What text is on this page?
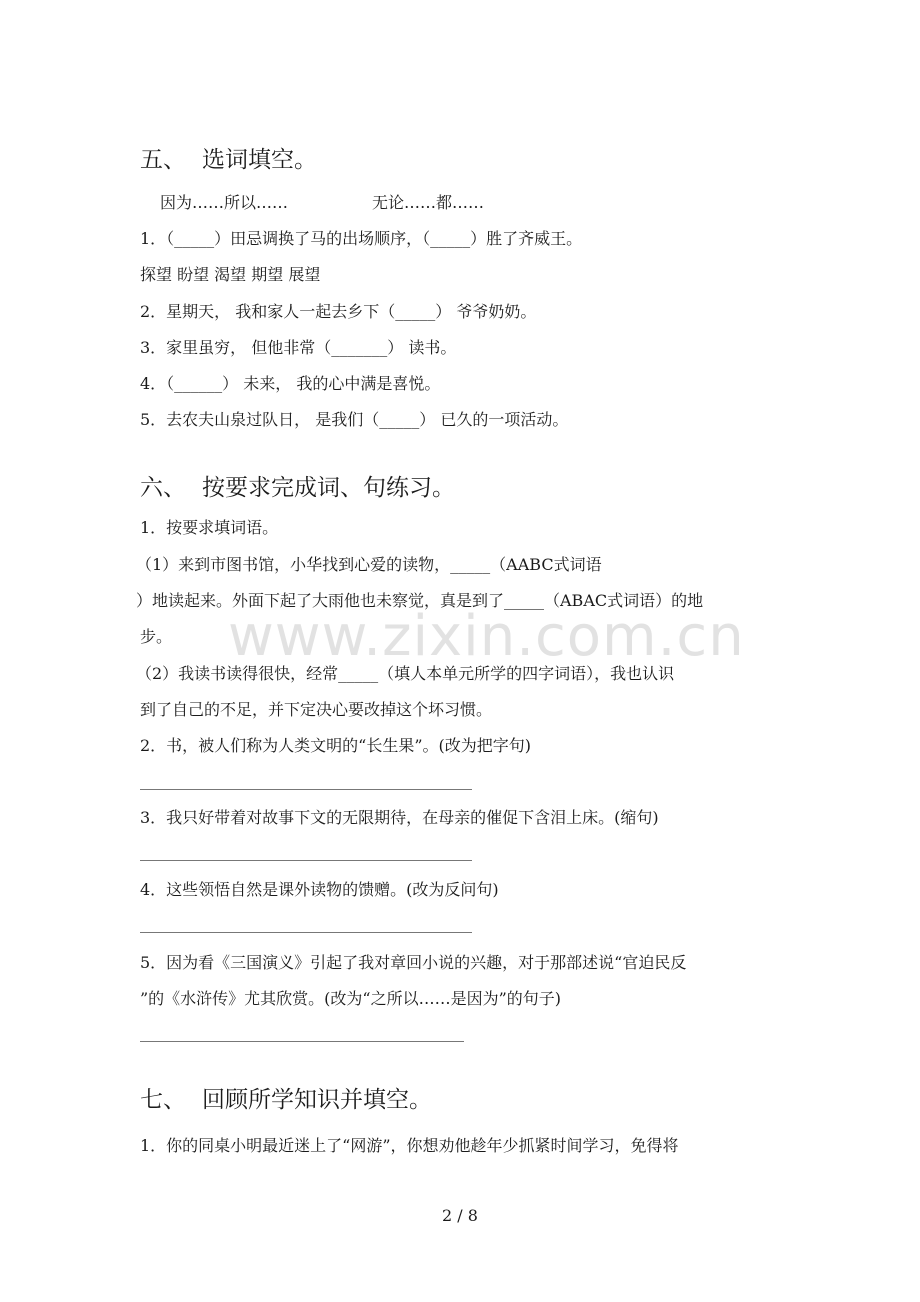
www.zixin.com.cn
五、 选词填空。
因为……所以……	无论……都……
1．（_____）田忌调换了马的出场顺序，（_____）胜了齐威王。
探望 盼望 渴望 期望 展望
2．星期天， 我和家人一起去乡下（_____） 爷爷奶奶。
3．家里虽穷， 但他非常（_______） 读书。
4．（______） 未来， 我的心中满是喜悦。
5．去农夫山泉过队日， 是我们（_____） 已久的一项活动。
六、 按要求完成词、句练习。
1．按要求填词语。
（1）来到市图书馆，小华找到心爱的读物，_____（AABC式词语
）地读起来。外面下起了大雨他也未察觉，真是到了_____（ABAC式词语）的地
步。
（2）我读书读得很快，经常_____（填人本单元所学的四字词语），我也认识
到了自己的不足，并下定决心要改掉这个坏习惯。
2．书，被人们称为人类文明的“长生果”。(改为把字句)
3．我只好带着对故事下文的无限期待，在母亲的催促下含泪上床。(缩句)
4．这些领悟自然是课外读物的馈赠。(改为反问句)
5．因为看《三国演义》引起了我对章回小说的兴趣，对于那部述说“官迫民反
”的《水浒传》尤其欣赏。(改为“之所以……是因为”的句子)
七、 回顾所学知识并填空。
1．你的同桌小明最近迷上了“网游”，你想劝他趁年少抓紧时间学习，免得将
2 / 8
